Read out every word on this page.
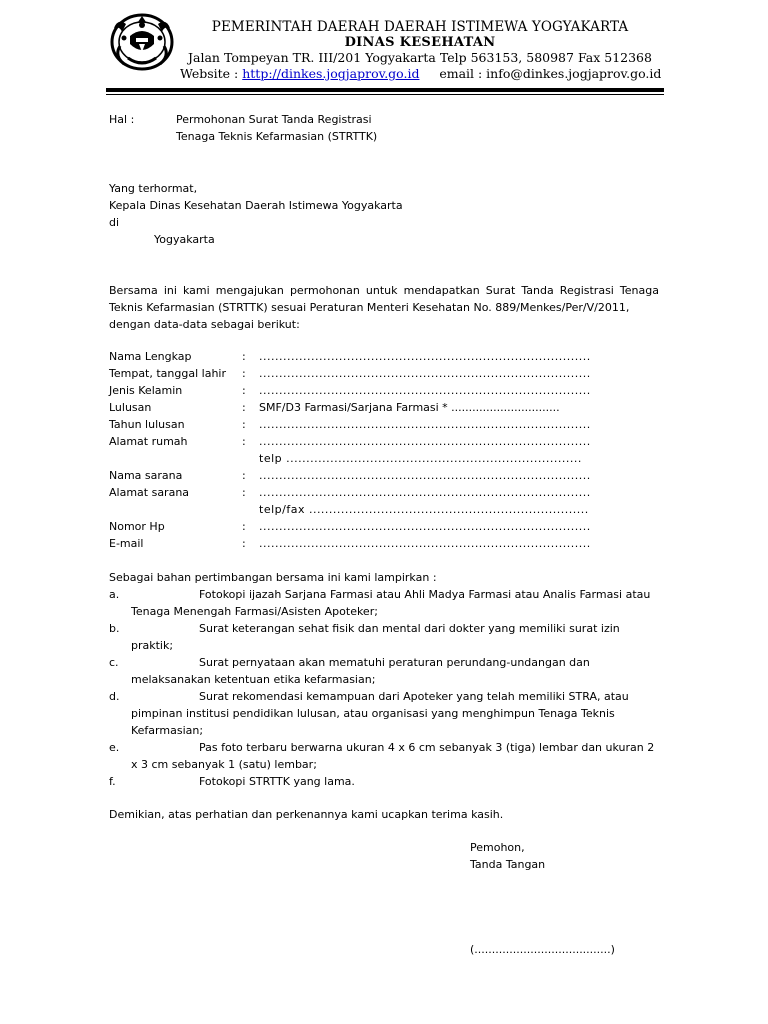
PEMERINTAH DAERAH DAERAH ISTIMEWA YOGYAKARTA
DINAS KESEHATAN
Jalan Tompeyan TR. III/201 Yogyakarta Telp 563153, 580987 Fax 512368
Website : http://dinkes.jogjaprov.go.id email : info@dinkes.jogjaprov.go.id
Hal :	Permohonan Surat Tanda Registrasi
Tenaga Teknis Kefarmasian (STRTTK)
Yang terhormat,
Kepala Dinas Kesehatan Daerah Istimewa Yogyakarta
di
Yogyakarta
Bersama ini kami mengajukan permohonan untuk mendapatkan Surat Tanda Registrasi Tenaga Teknis Kefarmasian (STRTTK) sesuai Peraturan Menteri Kesehatan No. 889/Menkes/Per/V/2011,
dengan data-data sebagai berikut:
Nama Lengkap	: ...................................................................................
Tempat, tanggal lahir : ...................................................................................
Jenis Kelamin	: ...................................................................................
Lulusan	: SMF/D3 Farmasi/Sarjana Farmasi * ...............................
Tahun lulusan	: ...................................................................................
Alamat rumah	: ...................................................................................
telp ..........................................................................
Nama sarana	: ...................................................................................
Alamat sarana	: ...................................................................................
telp/fax ......................................................................
Nomor Hp	: ...................................................................................
E-mail	: ...................................................................................
Sebagai bahan pertimbangan bersama ini kami lampirkan :
a.	Fotokopi ijazah Sarjana Farmasi atau Ahli Madya Farmasi atau Analis Farmasi atau
Tenaga Menengah Farmasi/Asisten Apoteker;
b.	Surat keterangan sehat fisik dan mental dari dokter yang memiliki surat izin
praktik;
c.	Surat pernyataan akan mematuhi peraturan perundang-undangan dan
melaksanakan ketentuan etika kefarmasian;
d.	Surat rekomendasi kemampuan dari Apoteker yang telah memiliki STRA, atau
pimpinan institusi pendidikan lulusan, atau organisasi yang menghimpun Tenaga Teknis
Kefarmasian;
e.	Pas foto terbaru berwarna ukuran 4 x 6 cm sebanyak 3 (tiga) lembar dan ukuran 2
x 3 cm sebanyak 1 (satu) lembar;
f.	Fotokopi STRTTK yang lama.
Demikian, atas perhatian dan perkenannya kami ucapkan terima kasih.
Pemohon,
Tanda Tangan
(.......................................)
